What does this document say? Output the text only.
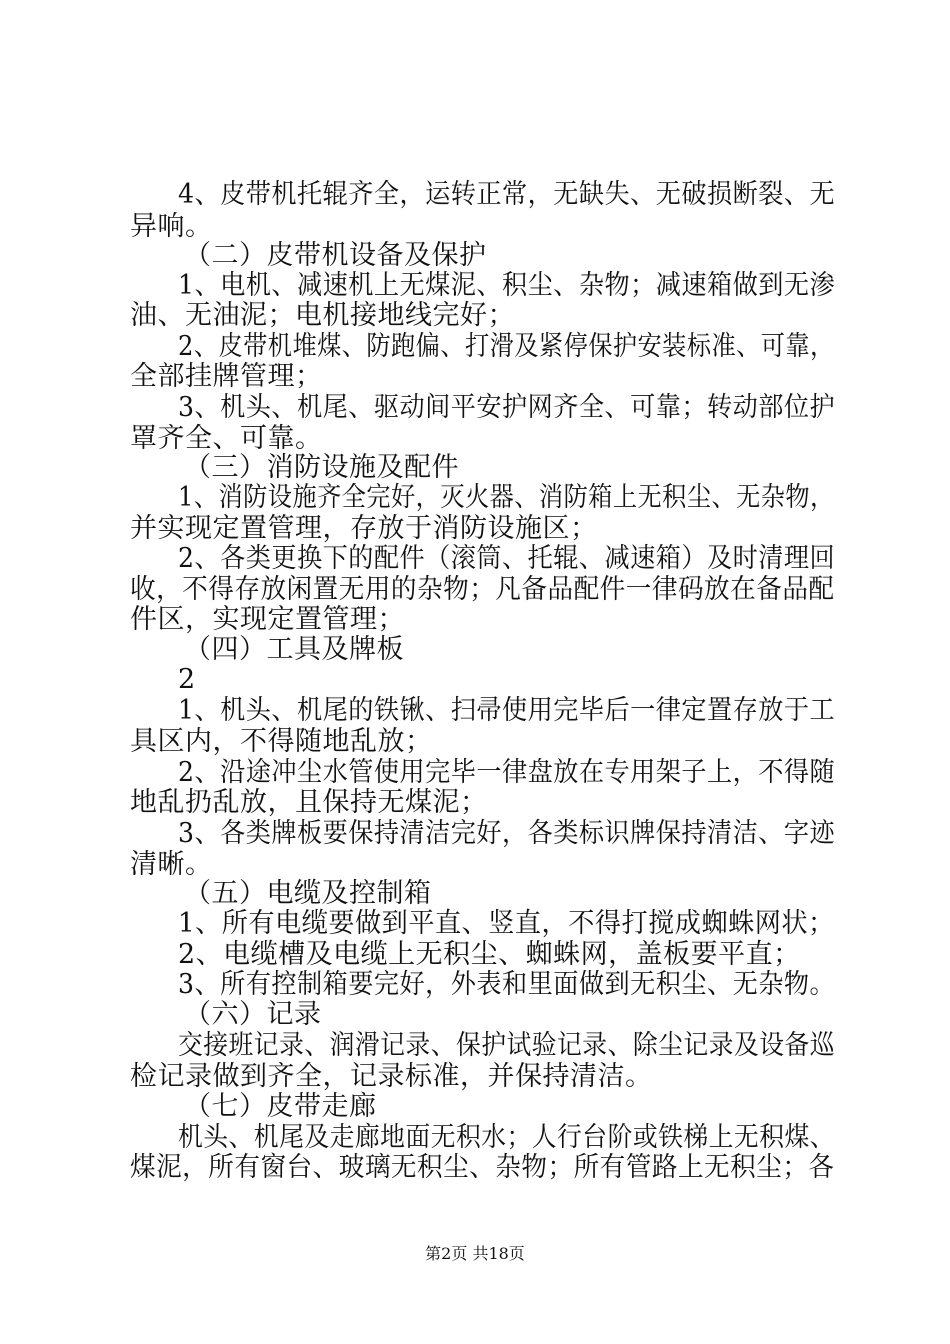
4、皮带机托辊齐全，运转正常，无缺失、无破损断裂、无

异响。

（二）皮带机设备及保护

1、电机、减速机上无煤泥、积尘、杂物；减速箱做到无渗

油、无油泥；电机接地线完好；

2、皮带机堆煤、防跑偏、打滑及紧停保护安装标准、可靠，

全部挂牌管理；

3、机头、机尾、驱动间平安护网齐全、可靠；转动部位护

罩齐全、可靠。

（三）消防设施及配件

1、消防设施齐全完好，灭火器、消防箱上无积尘、无杂物，

并实现定置管理，存放于消防设施区；

2、各类更换下的配件（滚筒、托辊、减速箱）及时清理回

收，不得存放闲置无用的杂物；凡备品配件一律码放在备品配

件区，实现定置管理；

（四）工具及牌板

2

1、机头、机尾的铁锹、扫帚使用完毕后一律定置存放于工

具区内，不得随地乱放；

2、沿途冲尘水管使用完毕一律盘放在专用架子上，不得随

地乱扔乱放，且保持无煤泥；

3、各类牌板要保持清洁完好，各类标识牌保持清洁、字迹

清晰。

（五）电缆及控制箱

1、所有电缆要做到平直、竖直，不得打搅成蜘蛛网状；

2、电缆槽及电缆上无积尘、蜘蛛网，盖板要平直；

3、所有控制箱要完好，外表和里面做到无积尘、无杂物。

（六）记录

交接班记录、润滑记录、保护试验记录、除尘记录及设备巡

检记录做到齐全，记录标准，并保持清洁。

（七）皮带走廊

机头、机尾及走廊地面无积水；人行台阶或铁梯上无积煤、

煤泥，所有窗台、玻璃无积尘、杂物；所有管路上无积尘；各

第2页 共18页
